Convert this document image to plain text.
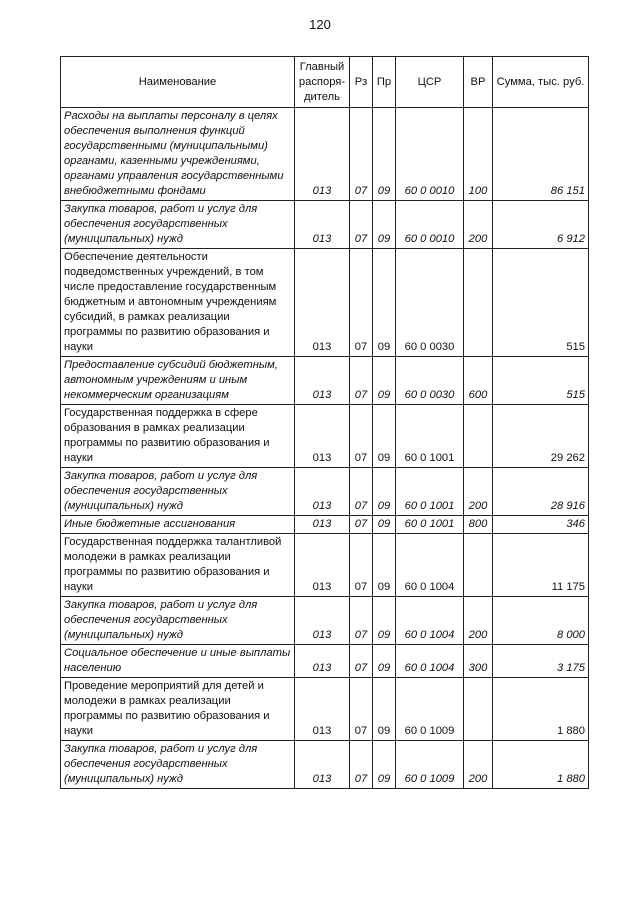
120
Наименование	Главный распоря-дитель	Рз	Пр	ЦСР	ВР	Сумма, тыс. руб.
Расходы на выплаты персоналу в целях обеспечения выполнения функций государственными (муниципальными) органами, казенными учреждениями, органами управления государственными внебюджетными фондами	013	07	09	60 0 0010	100	86 151
Закупка товаров, работ и услуг для обеспечения государственных (муниципальных) нужд	013	07	09	60 0 0010	200	6 912
Обеспечение деятельности подведомственных учреждений, в том числе предоставление государственным бюджетным и автономным учреждениям субсидий, в рамках реализации программы по развитию образования и науки	013	07	09	60 0 0030		515
Предоставление субсидий бюджетным, автономным учреждениям и иным некоммерческим организациям	013	07	09	60 0 0030	600	515
Государственная поддержка в сфере образования в рамках реализации программы по развитию образования и науки	013	07	09	60 0 1001		29 262
Закупка товаров, работ и услуг для обеспечения государственных (муниципальных) нужд	013	07	09	60 0 1001	200	28 916
Иные бюджетные ассигнования	013	07	09	60 0 1001	800	346
Государственная поддержка талантливой молодежи в рамках реализации программы по развитию образования и науки	013	07	09	60 0 1004		11 175
Закупка товаров, работ и услуг для обеспечения государственных (муниципальных) нужд	013	07	09	60 0 1004	200	8 000
Социальное обеспечение и иные выплаты населению	013	07	09	60 0 1004	300	3 175
Проведение мероприятий для детей и молодежи в рамках реализации программы по развитию образования и науки	013	07	09	60 0 1009		1 880
Закупка товаров, работ и услуг для обеспечения государственных (муниципальных) нужд	013	07	09	60 0 1009	200	1 880
